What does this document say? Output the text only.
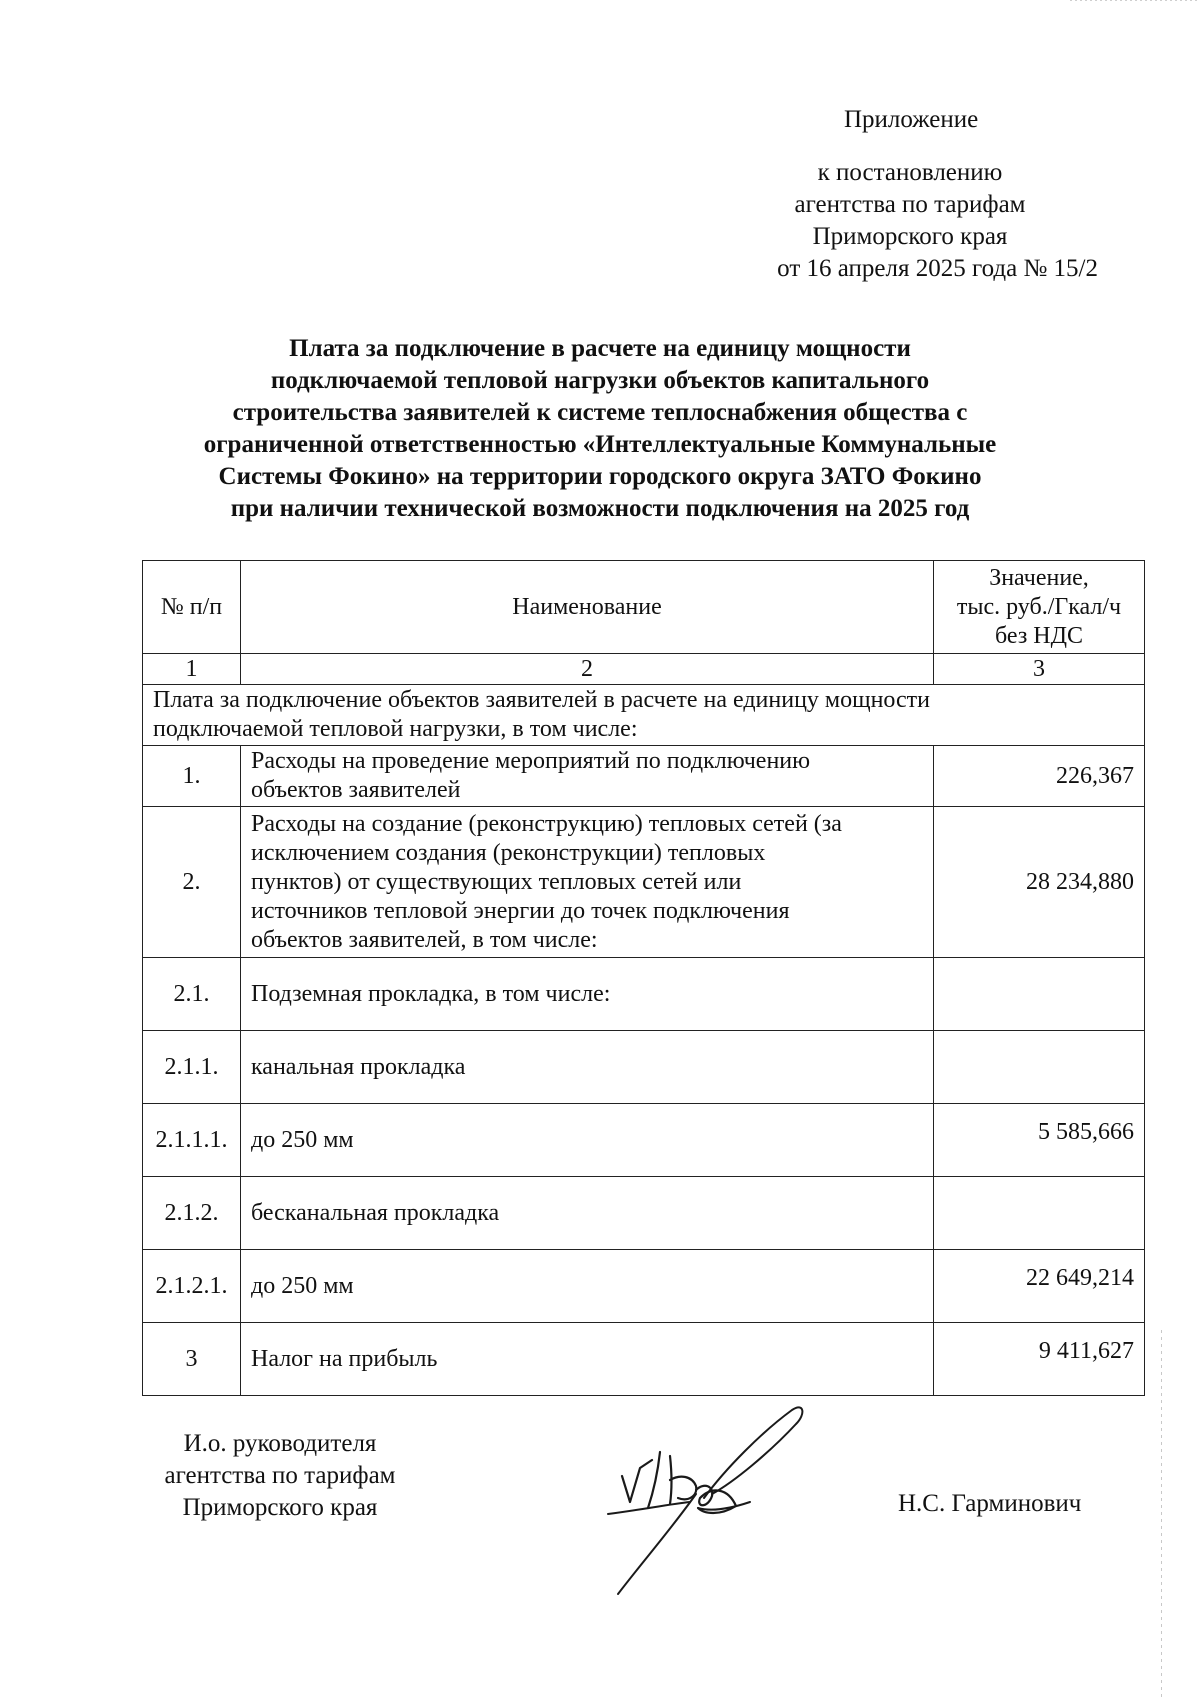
Приложение
к постановлению
агентства по тарифам
Приморского края
от 16 апреля 2025 года № 15/2
Плата за подключение в расчете на единицу мощности
подключаемой тепловой нагрузки объектов капитального
строительства заявителей к системе теплоснабжения общества с
ограниченной ответственностью «Интеллектуальные Коммунальные
Системы Фокино» на территории городского округа ЗАТО Фокино
при наличии технической возможности подключения на 2025 год
№ п/п	Наименование	Значение,
тыс. руб./Гкал/ч
без НДС

1	2	3

Плата за подключение объектов заявителей в расчете на единицу мощности
подключаемой тепловой нагрузки, в том числе:		

1.	Расходы на проведение мероприятий по подключению
объектов заявителей	226,367
2.	Расходы на создание (реконструкцию) тепловых сетей (за
исключением создания (реконструкции) тепловых
пунктов) от существующих тепловых сетей или
источников тепловой энергии до точек подключения
объектов заявителей, в том числе:	28 234,880
2.1.	Подземная прокладка, в том числе:	
2.1.1.	канальная прокладка	
2.1.1.1.	до 250 мм	5 585,666
2.1.2.	бесканальная прокладка	
2.1.2.1.	до 250 мм	22 649,214
3	Налог на прибыль	9 411,627
И.о. руководителя
агентства по тарифам
Приморского края	Н.С. Гарминович
